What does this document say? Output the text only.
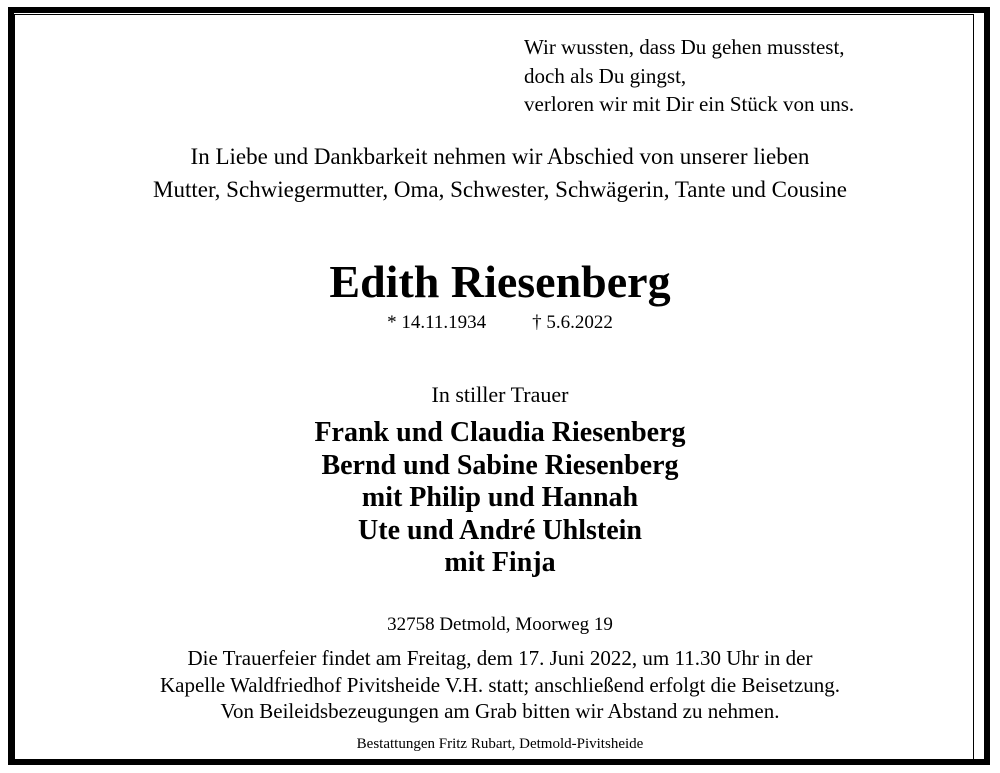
Wir wussten, dass Du gehen musstest,
doch als Du gingst,
verloren wir mit Dir ein Stück von uns.
In Liebe und Dankbarkeit nehmen wir Abschied von unserer lieben
Mutter, Schwiegermutter, Oma, Schwester, Schwägerin, Tante und Cousine
Edith Riesenberg
* 14.11.1934 † 5.6.2022
In stiller Trauer
Frank und Claudia Riesenberg
Bernd und Sabine Riesenberg
mit Philip und Hannah
Ute und André Uhlstein
mit Finja
32758 Detmold, Moorweg 19
Die Trauerfeier findet am Freitag, dem 17. Juni 2022, um 11.30 Uhr in der
Kapelle Waldfriedhof Pivitsheide V.H. statt; anschließend erfolgt die Beisetzung.
Von Beileidsbezeugungen am Grab bitten wir Abstand zu nehmen.
Bestattungen Fritz Rubart, Detmold-Pivitsheide
